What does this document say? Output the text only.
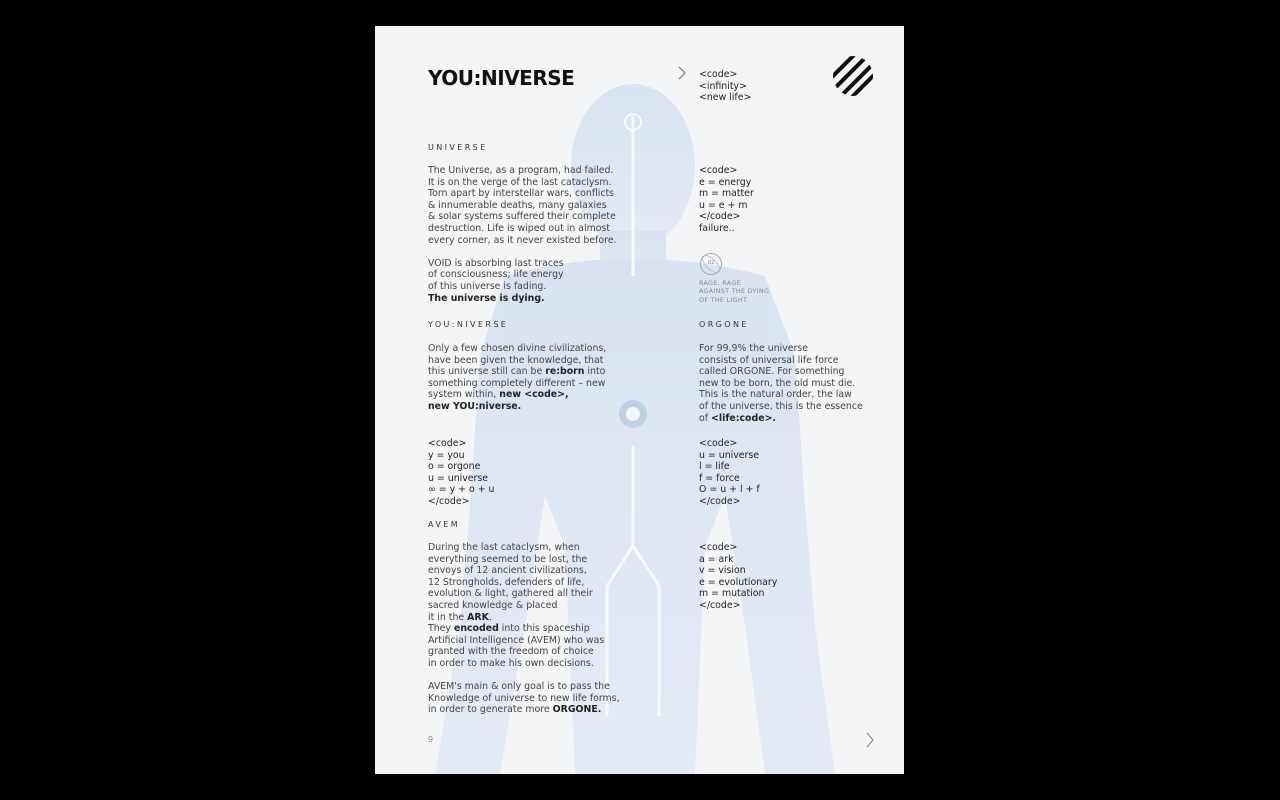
YOU:NIVERSE	<code>
<infinity>
<new life>
UNIVERSE
The Universe, as a program, had failed.
It is on the verge of the last cataclysm.
Torn apart by interstellar wars, conflicts
& innumerable deaths, many galaxies
& solar systems suffered their complete
destruction. Life is wiped out in almost
every corner, as it never existed before.
VOID is absorbing last traces
of consciousness; life energy
of this universe is fading.
The universe is dying.
<code>
e = energy
m = matter
u = e + m
</code>
failure..
U2
RAGE, RAGE
AGAINST THE DYING
OF THE LIGHT
YOU:NIVERSE
Only a few chosen divine civilizations,
have been given the knowledge, that
this universe still can be re:born into
something completely different – new
system within, new <code>,
new YOU:niverse.
<code>
y = you
o = orgone
u = universe
∞ = y + o + u
</code>
ORGONE
For 99,9% the universe
consists of universal life force
called ORGONE. For something
new to be born, the old must die.
This is the natural order, the law
of the universe, this is the essence
of <life:code>.
<code>
u = universe
l = life
f = force
O = u + l + f
</code>
AVEM
During the last cataclysm, when
everything seemed to be lost, the
envoys of 12 ancient civilizations,
12 Strongholds, defenders of life,
evolution & light, gathered all their
sacred knowledge & placed
it in the ARK.
They encoded into this spaceship
Artificial Intelligence (AVEM) who was
granted with the freedom of choice
in order to make his own decisions.
AVEM's main & only goal is to pass the
Knowledge of universe to new life forms,
in order to generate more ORGONE.
<code>
a = ark
v = vision
e = evolutionary
m = mutation
</code>
9
